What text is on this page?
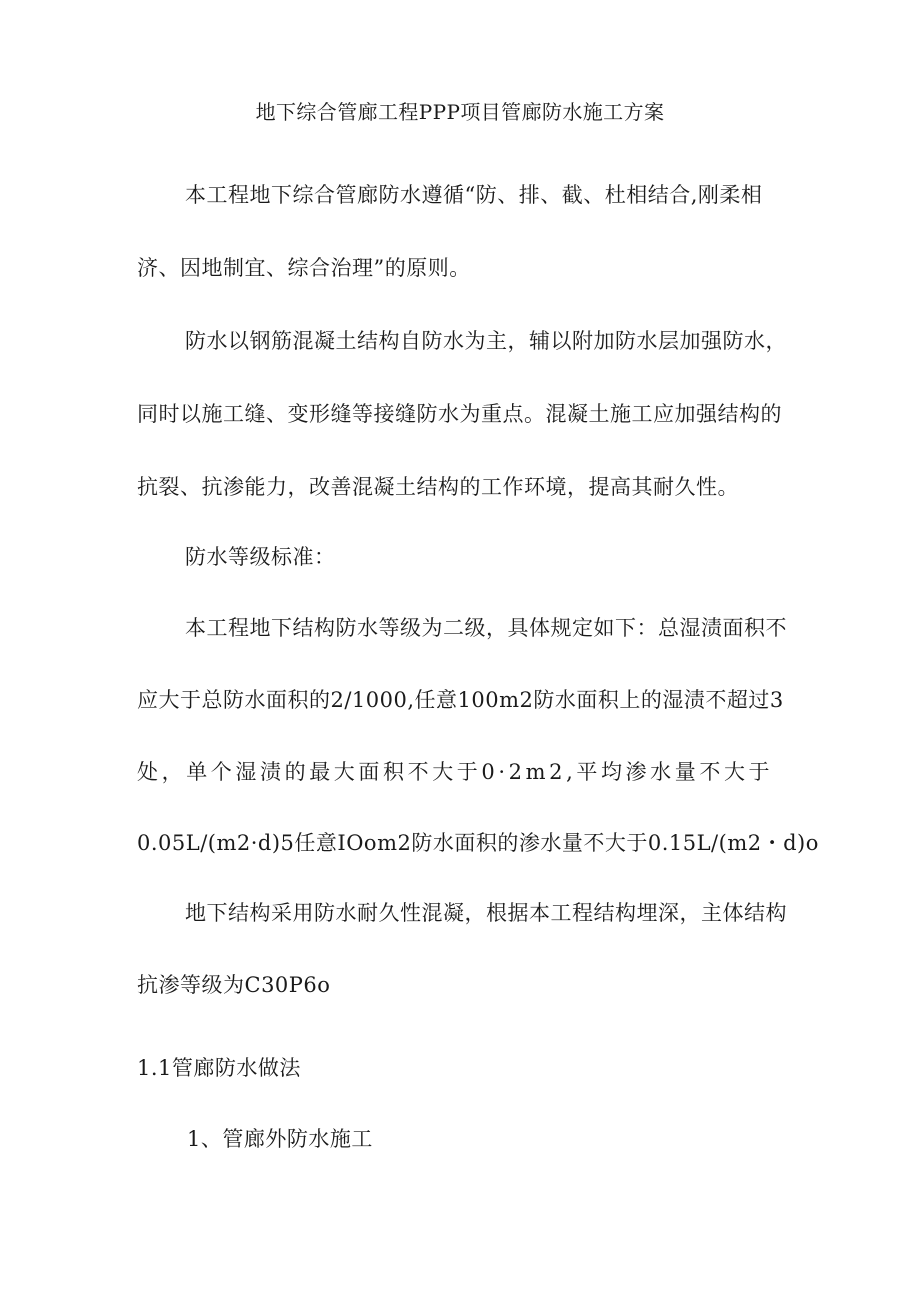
地下综合管廊工程PPP项目管廊防水施工方案
本工程地下综合管廊防水遵循“防、排、截、杜相结合,刚柔相
济、因地制宜、综合治理”的原则。
防水以钢筋混凝土结构自防水为主，辅以附加防水层加强防水，
同时以施工缝、变形缝等接缝防水为重点。混凝土施工应加强结构的
抗裂、抗渗能力，改善混凝土结构的工作环境，提高其耐久性。
防水等级标准：
本工程地下结构防水等级为二级，具体规定如下：总湿渍面积不
应大于总防水面积的2/1000,任意100m2防水面积上的湿渍不超过3
处，单个湿渍的最大面积不大于0·2m2,平均渗水量不大于
0.05L/(m2·d)5任意IOom2防水面积的渗水量不大于0.15L/(m2・d)o
地下结构采用防水耐久性混凝，根据本工程结构埋深，主体结构
抗渗等级为C30P6o
1.1管廊防水做法
1、管廊外防水施工
